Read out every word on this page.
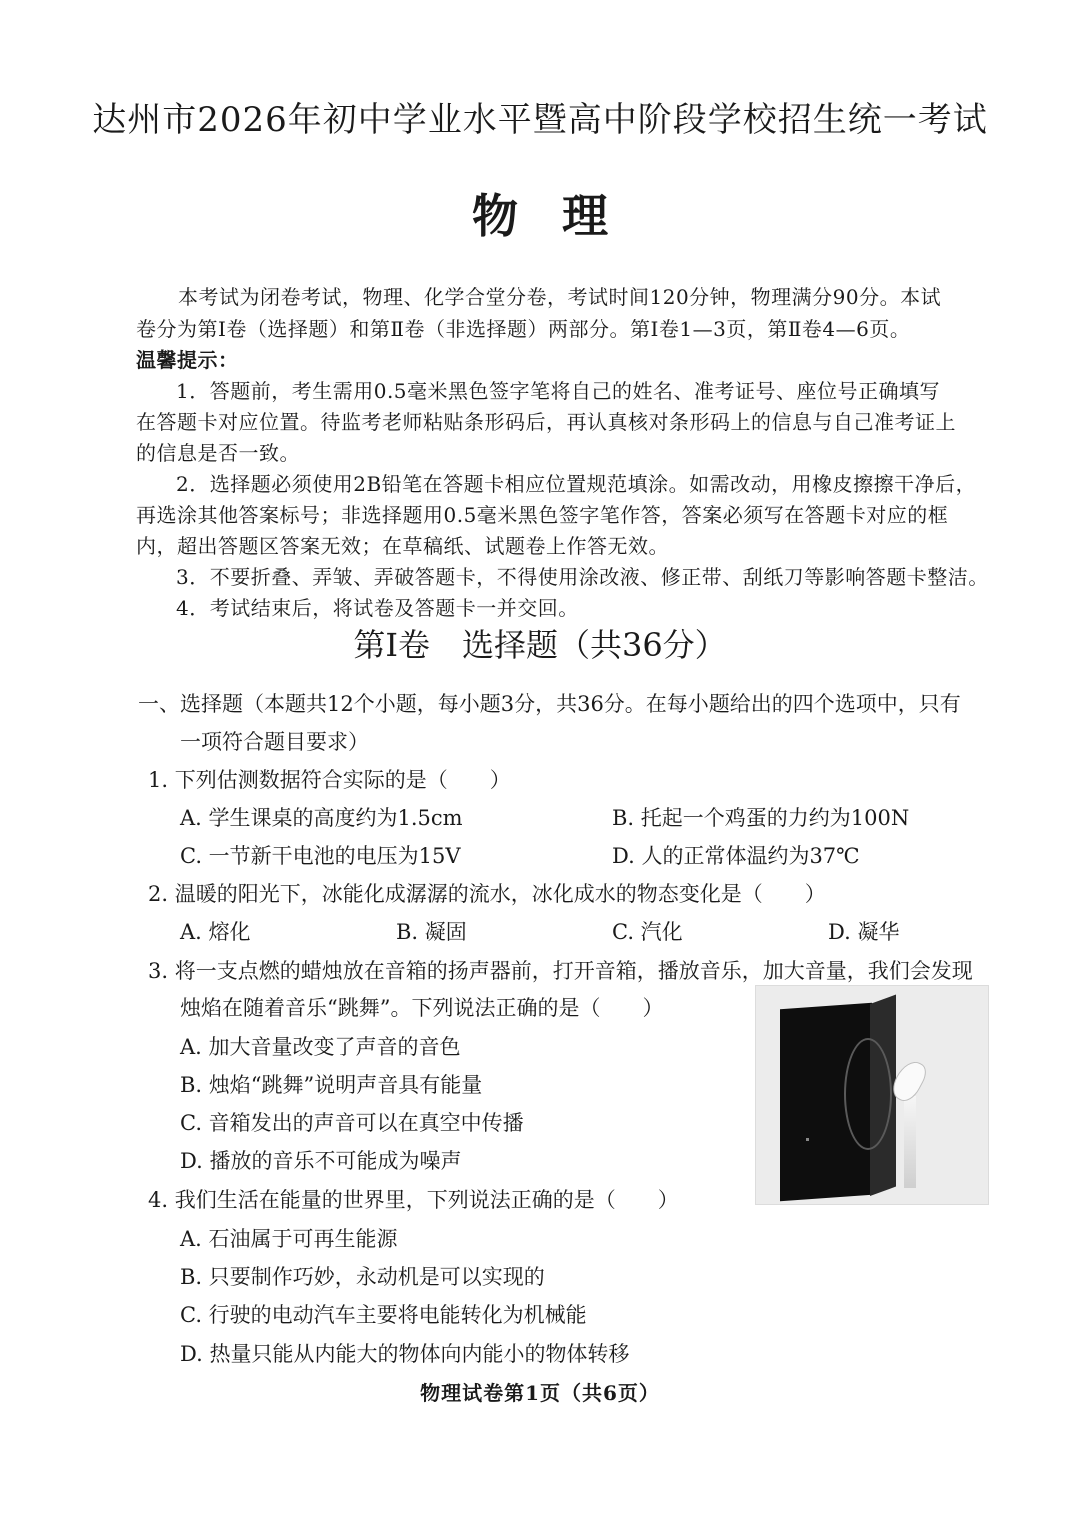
达州市2026年初中学业水平暨高中阶段学校招生统一考试
物理
本考试为闭卷考试，物理、化学合堂分卷，考试时间120分钟，物理满分90分。本试
卷分为第Ⅰ卷（选择题）和第Ⅱ卷（非选择题）两部分。第Ⅰ卷1—3页，第Ⅱ卷4—6页。
温馨提示：
1．答题前，考生需用0.5毫米黑色签字笔将自己的姓名、准考证号、座位号正确填写
在答题卡对应位置。待监考老师粘贴条形码后，再认真核对条形码上的信息与自己准考证上
的信息是否一致。
2．选择题必须使用2B铅笔在答题卡相应位置规范填涂。如需改动，用橡皮擦擦干净后，
再选涂其他答案标号；非选择题用0.5毫米黑色签字笔作答，答案必须写在答题卡对应的框
内，超出答题区答案无效；在草稿纸、试题卷上作答无效。
3．不要折叠、弄皱、弄破答题卡，不得使用涂改液、修正带、刮纸刀等影响答题卡整洁。
4．考试结束后，将试卷及答题卡一并交回。
第Ⅰ卷　选择题（共36分）
一、选择题（本题共12个小题，每小题3分，共36分。在每小题给出的四个选项中，只有
一项符合题目要求）
1. 下列估测数据符合实际的是（　　）
A. 学生课桌的高度约为1.5cm	B. 托起一个鸡蛋的力约为100N
C. 一节新干电池的电压为15V	D. 人的正常体温约为37℃
2. 温暖的阳光下，冰能化成潺潺的流水，冰化成水的物态变化是（　　）
A. 熔化	B. 凝固	C. 汽化	D. 凝华
3. 将一支点燃的蜡烛放在音箱的扬声器前，打开音箱，播放音乐，加大音量，我们会发现
烛焰在随着音乐“跳舞”。下列说法正确的是（　　）
A. 加大音量改变了声音的音色
B. 烛焰“跳舞”说明声音具有能量
C. 音箱发出的声音可以在真空中传播
D. 播放的音乐不可能成为噪声
4. 我们生活在能量的世界里，下列说法正确的是（　　）
A. 石油属于可再生能源
B. 只要制作巧妙，永动机是可以实现的
C. 行驶的电动汽车主要将电能转化为机械能
D. 热量只能从内能大的物体向内能小的物体转移
物理试卷第1页（共6页）
